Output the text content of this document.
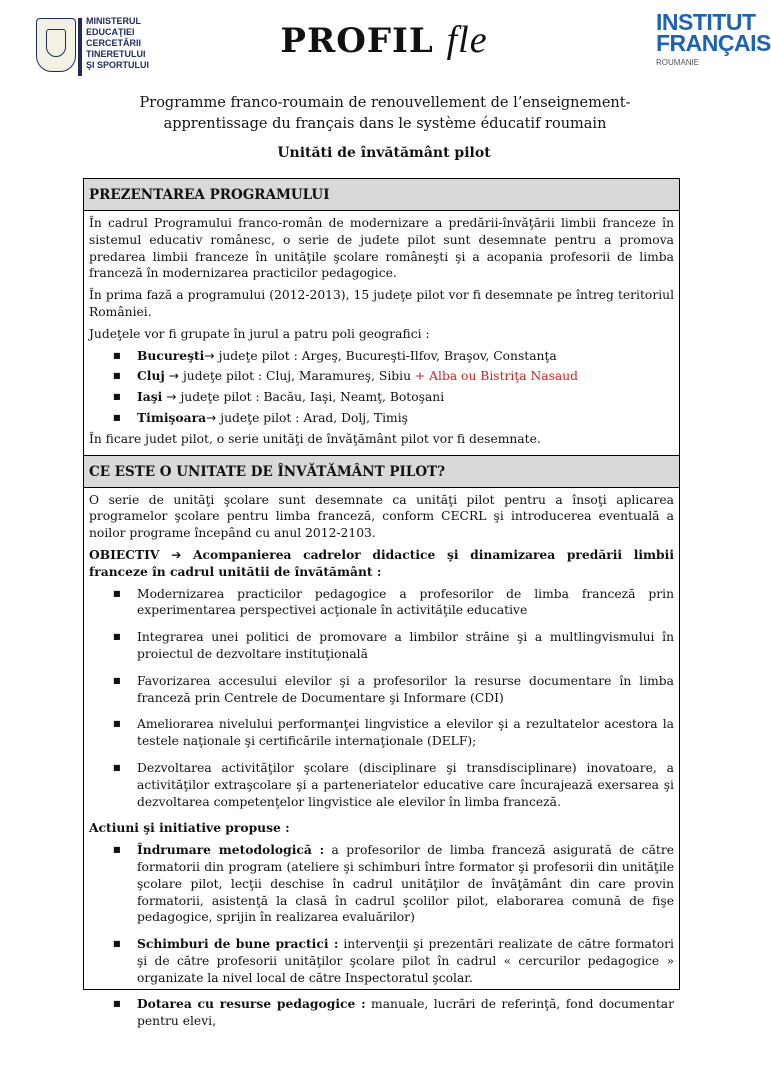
MINISTERUL
EDUCAŢIEI
CERCETĂRII
TINERETULUI
ŞI SPORTULUI
PROFIL fle	INSTITUT
FRANÇAIS
ROUMANIE
Programme franco-roumain de renouvellement de l’enseignement-apprentissage du français dans le système éducatif roumain
Unităti de învătământ pilot
PREZENTAREA PROGRAMULUI

În cadrul Programului franco-român de modernizare a predării-învăţării limbii franceze în sistemul educativ românesc, o serie de judete pilot sunt desemnate pentru a promova predarea limbii franceze în unităţile şcolare româneşti şi a acopania profesorii de limba franceză în modernizarea practicilor pedagogice.

În prima fază a programului (2012-2013), 15 judeţe pilot vor fi desemnate pe întreg teritoriul României.

Judeţele vor fi grupate în jurul a patru poli geografici :

■ Bucureşti→ judeţe pilot : Argeş, Bucureşti-Ilfov, Braşov, Constanţa
■ Cluj → judeţe pilot : Cluj, Maramureş, Sibiu + Alba ou Bistriţa Nasaud
■ Iaşi → judeţe pilot : Bacău, Iaşi, Neamţ, Botoşani
■ Timişoara→ judeţe pilot : Arad, Dolj, Timiş

În ficare judet pilot, o serie unităţi de învăţământ pilot vor fi desemnate.

CE ESTE O UNITATE DE ÎNVĂTĂMÂNT PILOT?

O serie de unităţi şcolare sunt desemnate ca unităţi pilot pentru a însoţi aplicarea programelor şcolare pentru limba franceză, conform CECRL şi introducerea eventuală a noilor programe începând cu anul 2012-2103.

OBIECTIV ➔ Acompanierea cadrelor didactice şi dinamizarea predării limbii franceze în cadrul unitătii de învătământ :

■ Modernizarea practicilor pedagogice a profesorilor de limba franceză prin experimentarea perspectivei acţionale în activităţile educative
■ Integrarea unei politici de promovare a limbilor străine şi a multlingvismului în proiectul de dezvoltare instituţională
■ Favorizarea accesului elevilor şi a profesorilor la resurse documentare în limba franceză prin Centrele de Documentare şi Informare (CDI)
■ Ameliorarea nivelului performanţei lingvistice a elevilor şi a rezultatelor acestora la testele naţionale şi certificările internaţionale (DELF);
■ Dezvoltarea activităţilor şcolare (disciplinare şi transdisciplinare) inovatoare, a activităţilor extraşcolare şi a parteneriatelor educative care încurajează exersarea şi dezvoltarea competenţelor lingvistice ale elevilor în limba franceză.

Actiuni şi initiative propuse :

■ Îndrumare metodologică : a profesorilor de limba franceză asigurată de către formatorii din program (ateliere şi schimburi între formator şi profesorii din unităţile şcolare pilot, lecţii deschise în cadrul unităţilor de învăţământ din care provin formatorii, asistenţă la clasă în cadrul şcolilor pilot, elaborarea comună de fişe pedagogice, sprijin în realizarea evaluărilor)
■ Schimburi de bune practici : intervenţii şi prezentări realizate de către formatori şi de către profesorii unităţilor şcolare pilot în cadrul « cercurilor pedagogice » organizate la nivel local de către Inspectoratul şcolar.
■ Dotarea cu resurse pedagogice : manuale, lucrări de referinţă, fond documentar pentru elevi,
